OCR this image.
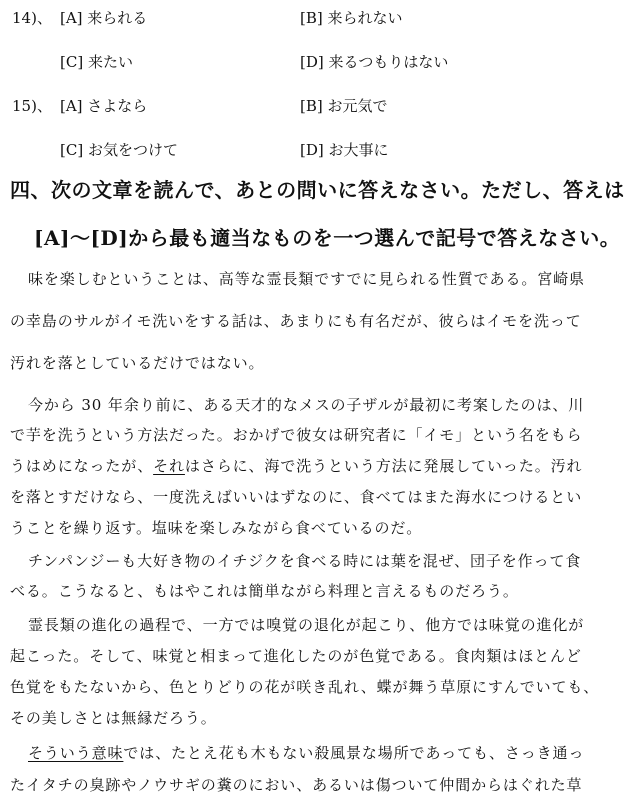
14)、 [A] 来られる	[B] 来られない
[C] 来たい	[D] 来るつもりはない
15)、 [A] さよなら	[B] お元気で
[C] お気をつけて	[D] お大事に
四、次の文章を読んで、あとの問いに答えなさい。ただし、答えは
[A]〜[D]から最も適当なものを一つ選んで記号で答えなさい。
味を楽しむということは、高等な霊長類ですでに見られる性質である。宮崎県
の幸島のサルがイモ洗いをする話は、あまりにも有名だが、彼らはイモを洗って
汚れを落としているだけではない。
今から 30 年余り前に、ある天才的なメスの子ザルが最初に考案したのは、川
で芋を洗うという方法だった。おかげで彼女は研究者に「イモ」という名をもら
うはめになったが、それはさらに、海で洗うという方法に発展していった。汚れ
を落とすだけなら、一度洗えばいいはずなのに、食べてはまた海水につけるとい
うことを繰り返す。塩味を楽しみながら食べているのだ。
チンパンジーも大好き物のイチジクを食べる時には葉を混ぜ、団子を作って食
べる。こうなると、もはやこれは簡単ながら料理と言えるものだろう。
霊長類の進化の過程で、一方では嗅覚の退化が起こり、他方では味覚の進化が
起こった。そして、味覚と相まって進化したのが色覚である。食肉類はほとんど
色覚をもたないから、色とりどりの花が咲き乱れ、蝶が舞う草原にすんでいても、
その美しさとは無縁だろう。
そういう意味では、たとえ花も木もない殺風景な場所であっても、さっき通っ
たイタチの臭跡やノウサギの糞のにおい、あるいは傷ついて仲間からはぐれた草
